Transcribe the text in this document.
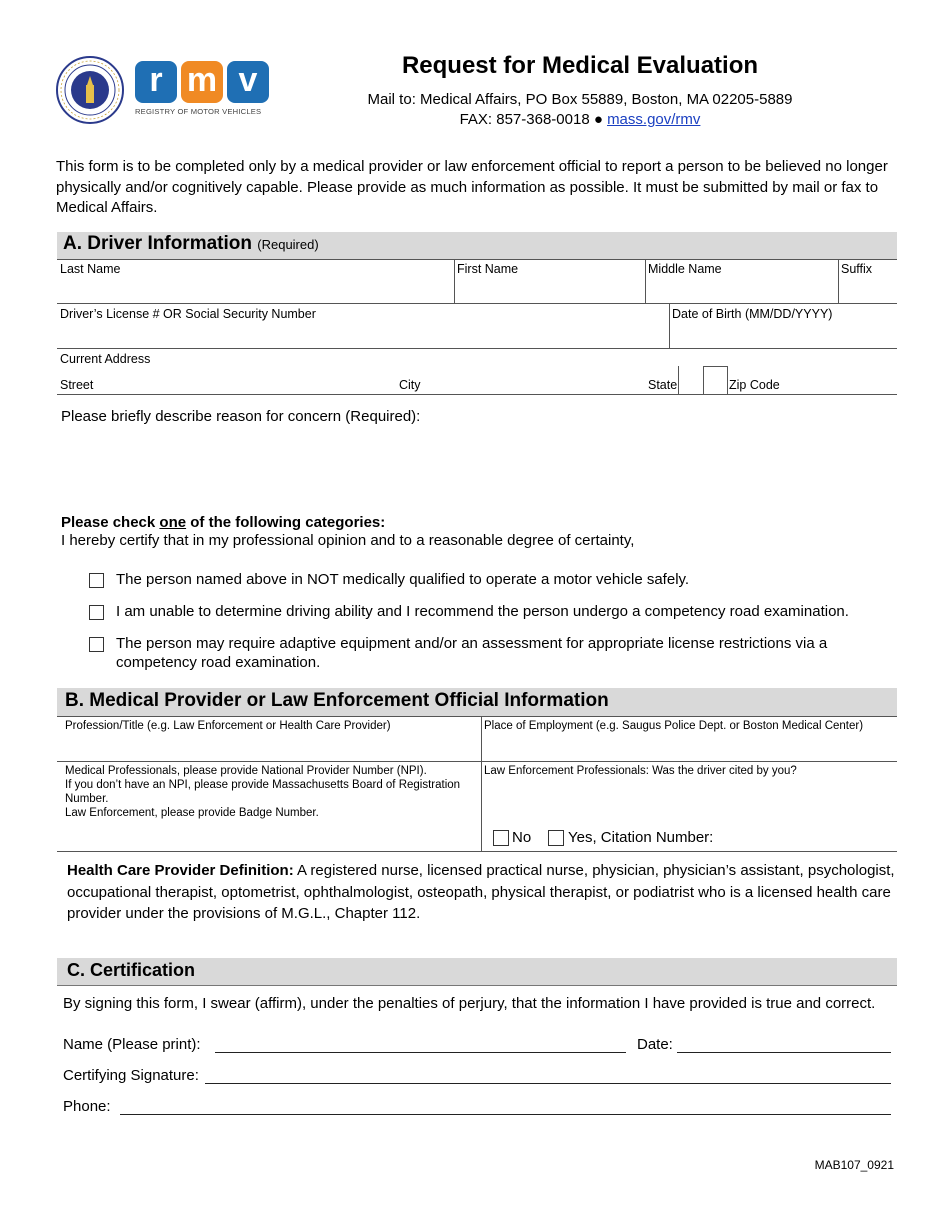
r m v
REGISTRY OF MOTOR VEHICLES
Request for Medical Evaluation
Mail to: Medical Affairs, PO Box 55889, Boston, MA 02205-5889
FAX: 857-368-0018 ● mass.gov/rmv
This form is to be completed only by a medical provider or law enforcement official to report a person to be believed no longer physically and/or cognitively capable. Please provide as much information as possible. It must be submitted by mail or fax to Medical Affairs.
A. Driver Information (Required)
Last Name	First Name	Middle Name	Suffix
Driver’s License # OR Social Security Number	Date of Birth (MM/DD/YYYY)
Current Address
Street	City	State	Zip Code
Please briefly describe reason for concern (Required):
Please check one of the following categories:
I hereby certify that in my professional opinion and to a reasonable degree of certainty,
The person named above in NOT medically qualified to operate a motor vehicle safely.
I am unable to determine driving ability and I recommend the person undergo a competency road examination.
The person may require adaptive equipment and/or an assessment for appropriate license restrictions via a competency road examination.
B. Medical Provider or Law Enforcement Official Information
Profession/Title (e.g. Law Enforcement or Health Care Provider)	Place of Employment (e.g. Saugus Police Dept. or Boston Medical Center)
Medical Professionals, please provide National Provider Number (NPI).
If you don’t have an NPI, please provide Massachusetts Board of Registration Number.
Law Enforcement, please provide Badge Number.
Law Enforcement Professionals: Was the driver cited by you?
No Yes, Citation Number:
Health Care Provider Definition: A registered nurse, licensed practical nurse, physician, physician’s assistant, psychologist, occupational therapist, optometrist, ophthalmologist, osteopath, physical therapist, or podiatrist who is a licensed health care provider under the provisions of M.G.L., Chapter 112.
C. Certification
By signing this form, I swear (affirm), under the penalties of perjury, that the information I have provided is true and correct.
Name (Please print):	Date:
Certifying Signature:
Phone:
MAB107_0921
